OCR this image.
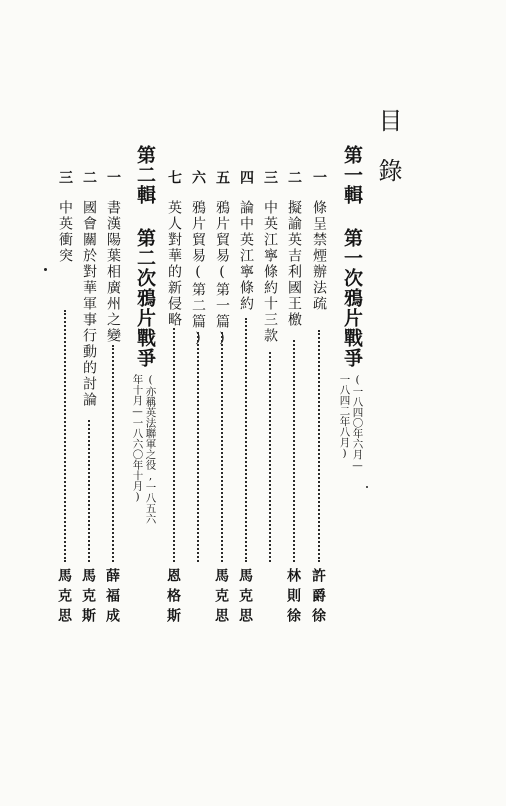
目錄
第一輯 第一次鴉片戰爭
(一八四〇年六月—
一八四二年八月)
一
條呈禁煙辦法疏
許爵徐
二
擬諭英吉利國王檄
林則徐
三
中英江寧條約十三款
四
論中英江寧條約
馬克思
五
鴉片貿易(第一篇)
馬克思
六
鴉片貿易(第二篇)
七
英人對華的新侵略
恩格斯
第二輯 第二次鴉片戰爭
(亦稱英法聯軍之役,一八五六
年十月—一八六〇年十月)
一
書漢陽葉相廣州之變
薛福成
二
國會關於對華軍事行動的討論
馬克斯
三
中英衝突
馬克思
